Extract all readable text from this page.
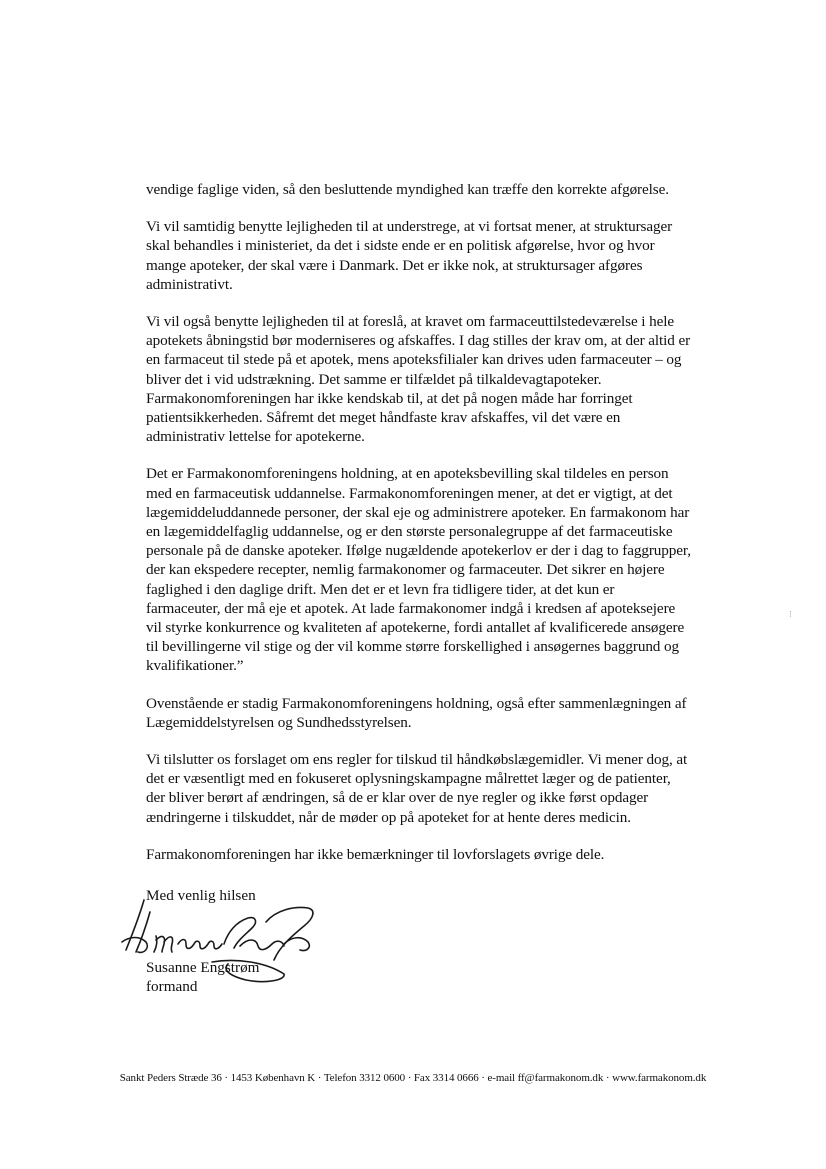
vendige faglige viden, så den besluttende myndighed kan træffe den korrekte afgørelse.

Vi vil samtidig benytte lejligheden til at understrege, at vi fortsat mener, at struktursager skal behandles i ministeriet, da det i sidste ende er en politisk afgørelse, hvor og hvor mange apoteker, der skal være i Danmark. Det er ikke nok, at struktursager afgøres administrativt.

Vi vil også benytte lejligheden til at foreslå, at kravet om farmaceuttilstedeværelse i hele apotekets åbningstid bør moderniseres og afskaffes. I dag stilles der krav om, at der altid er en farmaceut til stede på et apotek, mens apoteksfilialer kan drives uden farmaceuter – og bliver det i vid udstrækning. Det samme er tilfældet på tilkaldevagtapoteker. Farmakonomforeningen har ikke kendskab til, at det på nogen måde har forringet patientsikkerheden. Såfremt det meget håndfaste krav afskaffes, vil det være en administrativ lettelse for apotekerne.

Det er Farmakonomforeningens holdning, at en apoteksbevilling skal tildeles en person med en farmaceutisk uddannelse. Farmakonomforeningen mener, at det er vigtigt, at det lægemiddeluddannede personer, der skal eje og administrere apoteker. En farmakonom har en lægemiddelfaglig uddannelse, og er den største personalegruppe af det farmaceutiske personale på de danske apoteker. Ifølge nugældende apotekerlov er der i dag to faggrupper, der kan ekspedere recepter, nemlig farmakonomer og farmaceuter. Det sikrer en højere faglighed i den daglige drift. Men det er et levn fra tidligere tider, at det kun er farmaceuter, der må eje et apotek. At lade farmakonomer indgå i kredsen af apoteksejere vil styrke konkurrence og kvaliteten af apotekerne, fordi antallet af kvalificerede ansøgere til bevillingerne vil stige og der vil komme større forskellighed i ansøgernes baggrund og kvalifikationer.”

Ovenstående er stadig Farmakonomforeningens holdning, også efter sammenlægningen af Lægemiddelstyrelsen og Sundhedsstyrelsen.

Vi tilslutter os forslaget om ens regler for tilskud til håndkøbslægemidler. Vi mener dog, at det er væsentligt med en fokuseret oplysningskampagne målrettet læger og de patienter, der bliver berørt af ændringen, så de er klar over de nye regler og ikke først opdager ændringerne i tilskuddet, når de møder op på apoteket for at hente deres medicin.

Farmakonomforeningen har ikke bemærkninger til lovforslagets øvrige dele.

Med venlig hilsen
Susanne Engstrøm
formand
⁝
Sankt Peders Stræde 36 · 1453 København K · Telefon 3312 0600 · Fax 3314 0666 · e-mail ff@farmakonom.dk · www.farmakonom.dk
